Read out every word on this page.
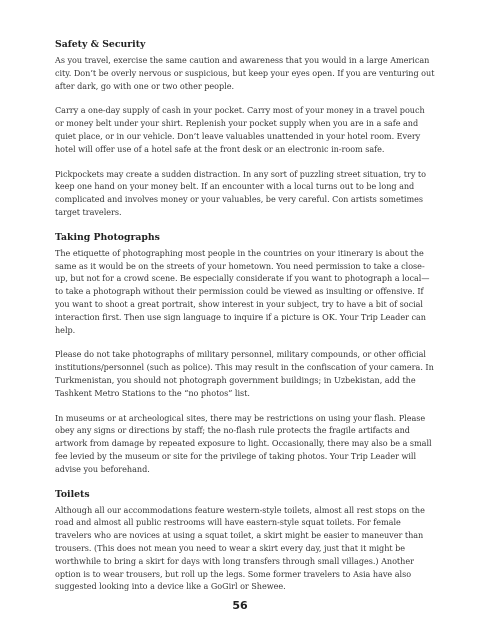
Safety & Security

As you travel, exercise the same caution and awareness that you would in a large American city. Don’t be overly nervous or suspicious, but keep your eyes open. If you are venturing out after dark, go with one or two other people.

Carry a one-day supply of cash in your pocket. Carry most of your money in a travel pouch or money belt under your shirt. Replenish your pocket supply when you are in a safe and quiet place, or in our vehicle. Don’t leave valuables unattended in your hotel room. Every hotel will offer use of a hotel safe at the front desk or an electronic in-room safe.

Pickpockets may create a sudden distraction. In any sort of puzzling street situation, try to keep one hand on your money belt. If an encounter with a local turns out to be long and complicated and involves money or your valuables, be very careful. Con artists sometimes target travelers.

Taking Photographs

The etiquette of photographing most people in the countries on your itinerary is about the same as it would be on the streets of your hometown. You need permission to take a close-up, but not for a crowd scene. Be especially considerate if you want to photograph a local—to take a photograph without their permission could be viewed as insulting or offensive. If you want to shoot a great portrait, show interest in your subject, try to have a bit of social interaction first. Then use sign language to inquire if a picture is OK. Your Trip Leader can help.

Please do not take photographs of military personnel, military compounds, or other official institutions/personnel (such as police). This may result in the confiscation of your camera. In Turkmenistan, you should not photograph government buildings; in Uzbekistan, add the Tashkent Metro Stations to the “no photos” list.

In museums or at archeological sites, there may be restrictions on using your flash. Please obey any signs or directions by staff; the no-flash rule protects the fragile artifacts and artwork from damage by repeated exposure to light. Occasionally, there may also be a small fee levied by the museum or site for the privilege of taking photos. Your Trip Leader will advise you beforehand.

Toilets

Although all our accommodations feature western-style toilets, almost all rest stops on the road and almost all public restrooms will have eastern-style squat toilets. For female travelers who are novices at using a squat toilet, a skirt might be easier to maneuver than trousers. (This does not mean you need to wear a skirt every day, just that it might be worthwhile to bring a skirt for days with long transfers through small villages.) Another option is to wear trousers, but roll up the legs. Some former travelers to Asia have also suggested looking into a device like a GoGirl or Shewee.

56
